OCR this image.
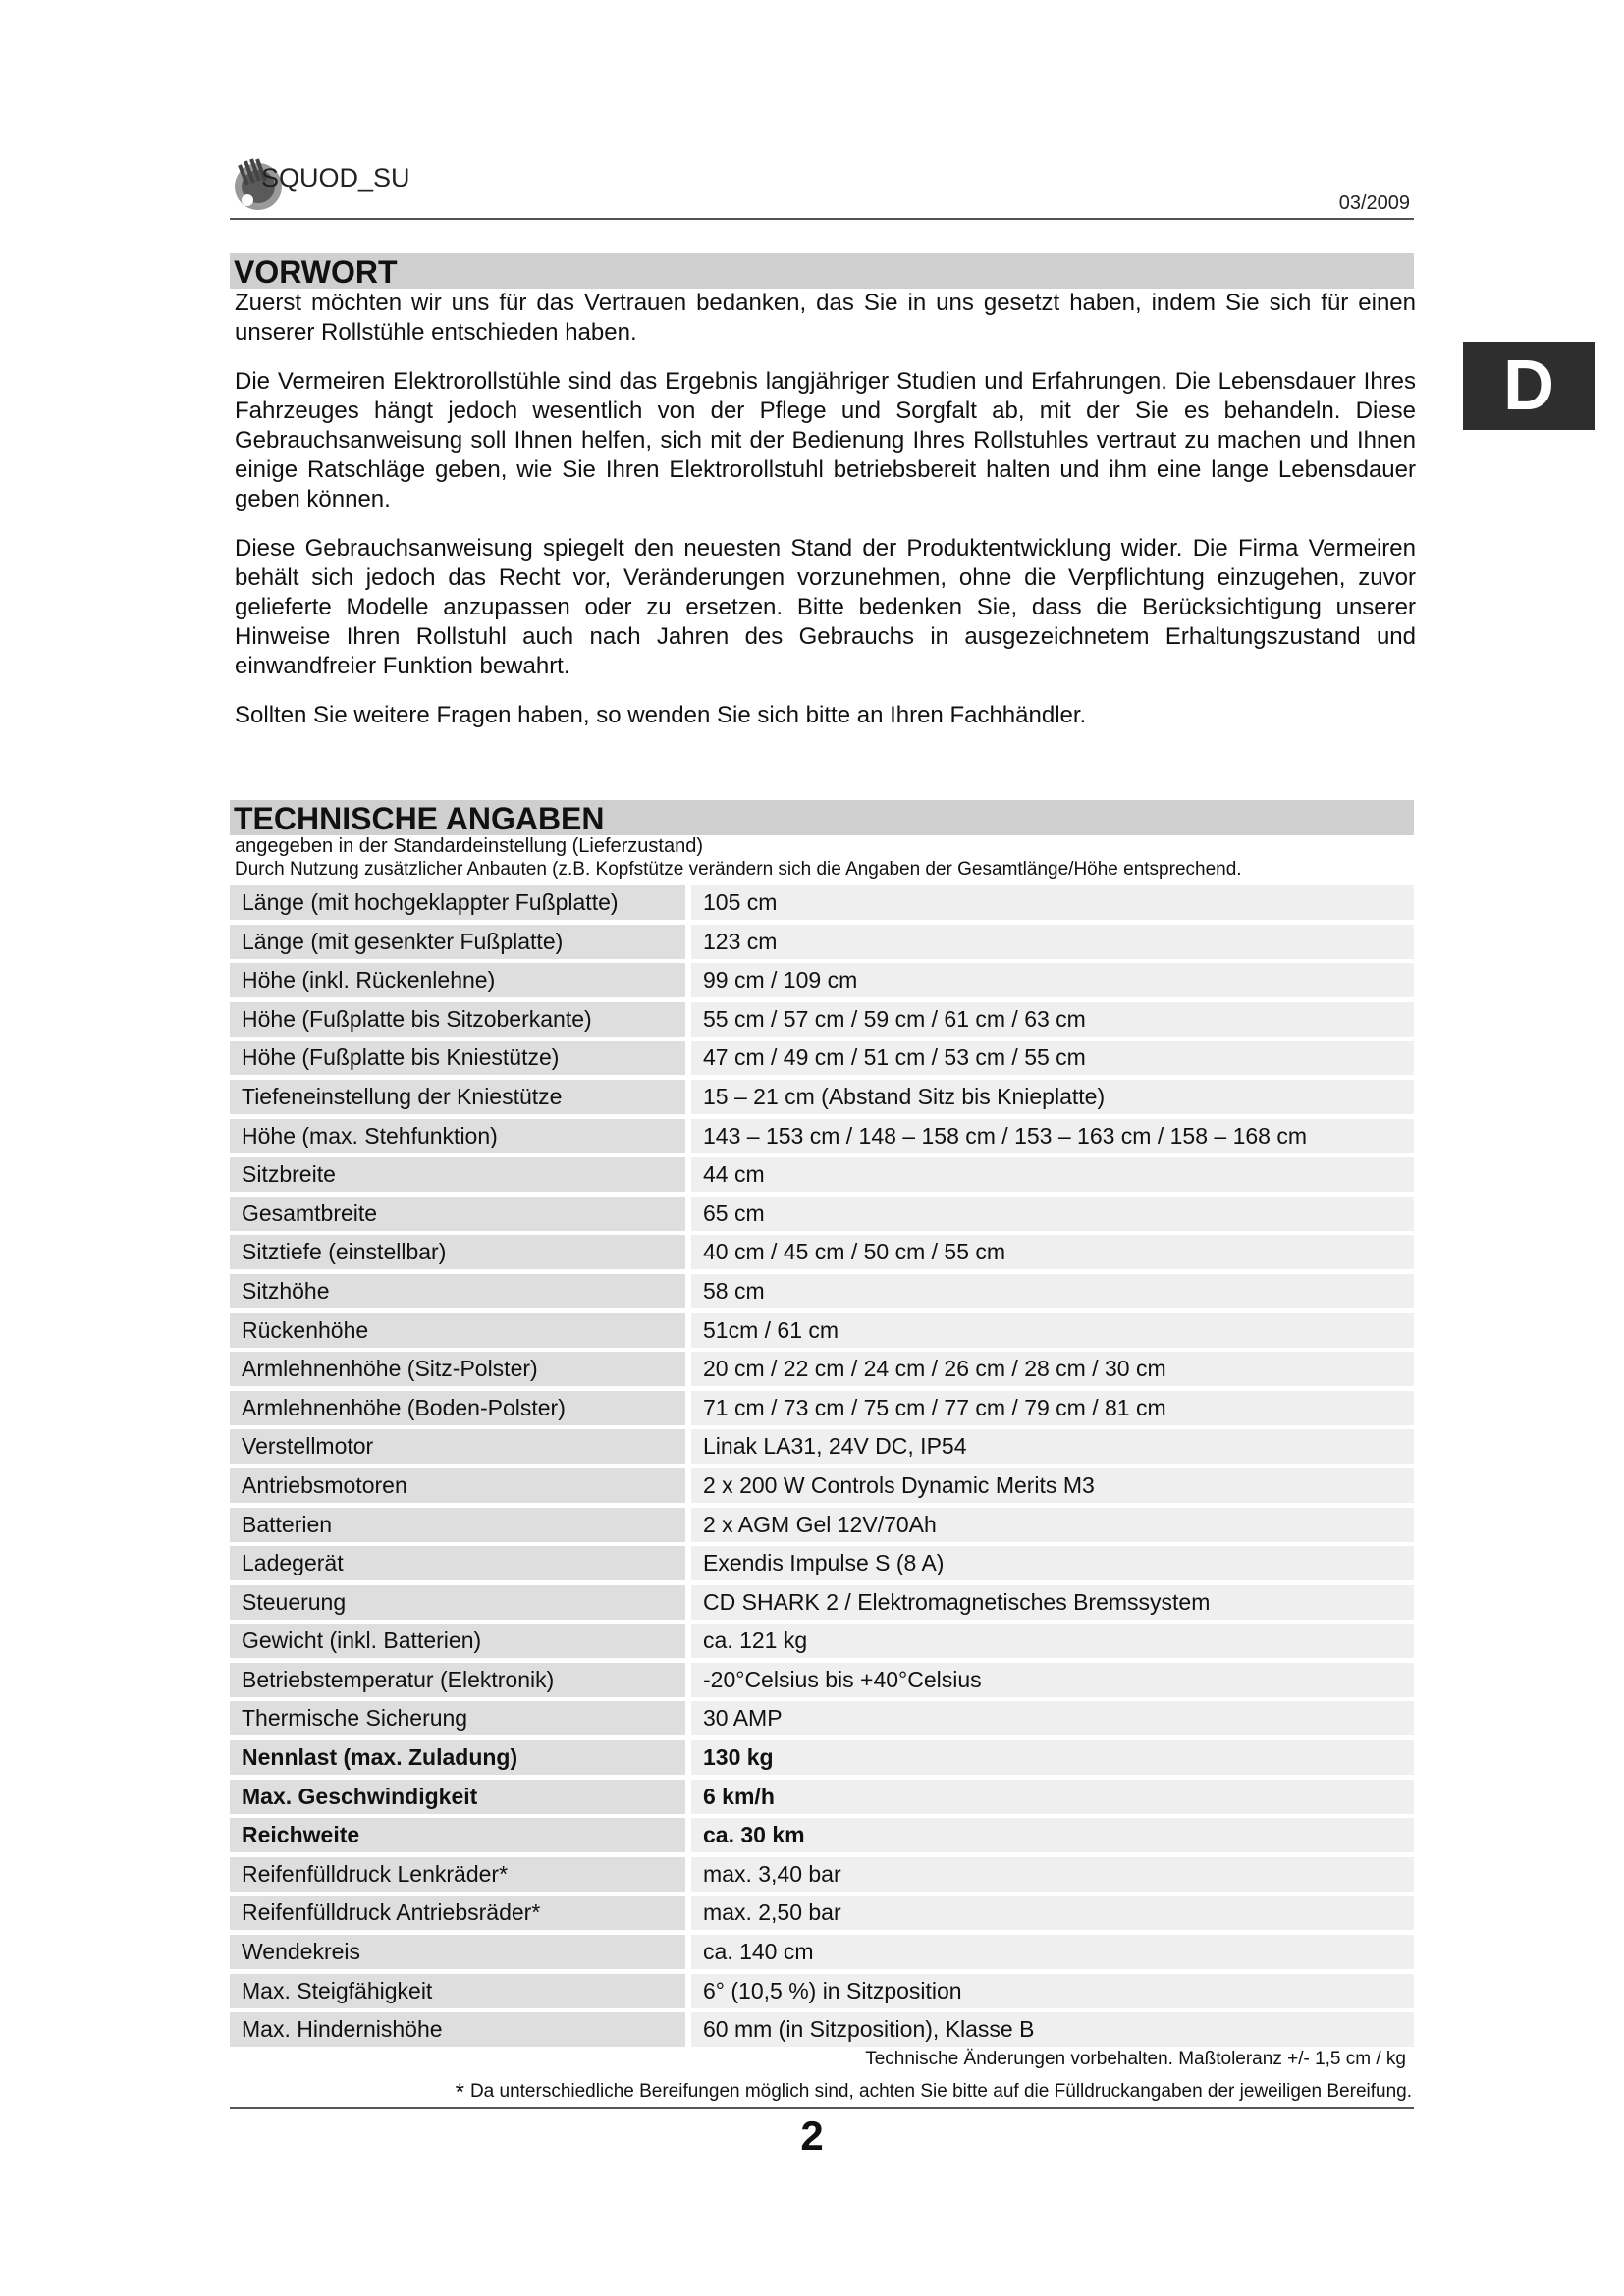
SQUOD_SU
03/2009
D
VORWORT

Zuerst möchten wir uns für das Vertrauen bedanken, das Sie in uns gesetzt haben, indem Sie sich für einen unserer Rollstühle entschieden haben.

Die Vermeiren Elektrorollstühle sind das Ergebnis langjähriger Studien und Erfahrungen. Die Lebensdauer Ihres Fahrzeuges hängt jedoch wesentlich von der Pflege und Sorgfalt ab, mit der Sie es behandeln. Diese Gebrauchsanweisung soll Ihnen helfen, sich mit der Bedienung Ihres Rollstuhles vertraut zu machen und Ihnen einige Ratschläge geben, wie Sie Ihren Elektrorollstuhl betriebsbereit halten und ihm eine lange Lebensdauer geben können.

Diese Gebrauchsanweisung spiegelt den neuesten Stand der Produktentwicklung wider. Die Firma Vermeiren behält sich jedoch das Recht vor, Veränderungen vorzunehmen, ohne die Verpflichtung einzugehen, zuvor gelieferte Modelle anzupassen oder zu ersetzen. Bitte bedenken Sie, dass die Berücksichtigung unserer Hinweise Ihren Rollstuhl auch nach Jahren des Gebrauchs in ausgezeichnetem Erhaltungszustand und einwandfreier Funktion bewahrt.

Sollten Sie weitere Fragen haben, so wenden Sie sich bitte an Ihren Fachhändler.

TECHNISCHE ANGABEN
angegeben in der Standardeinstellung (Lieferzustand)
Durch Nutzung zusätzlicher Anbauten (z.B. Kopfstütze verändern sich die Angaben der Gesamtlänge/Höhe entsprechend.
Länge (mit hochgeklappter Fußplatte)	105 cm
Länge (mit gesenkter Fußplatte)	123 cm
Höhe (inkl. Rückenlehne)	99 cm / 109 cm
Höhe (Fußplatte bis Sitzoberkante)	55 cm / 57 cm / 59 cm / 61 cm / 63 cm
Höhe (Fußplatte bis Kniestütze)	47 cm / 49 cm / 51 cm / 53 cm / 55 cm
Tiefeneinstellung der Kniestütze	15 – 21 cm (Abstand Sitz bis Knieplatte)
Höhe (max. Stehfunktion)	143 – 153 cm / 148 – 158 cm / 153 – 163 cm / 158 – 168 cm
Sitzbreite	44 cm
Gesamtbreite	65 cm
Sitztiefe (einstellbar)	40 cm / 45 cm / 50 cm / 55 cm
Sitzhöhe	58 cm
Rückenhöhe	51cm / 61 cm
Armlehnenhöhe (Sitz-Polster)	20 cm / 22 cm / 24 cm / 26 cm / 28 cm / 30 cm
Armlehnenhöhe (Boden-Polster)	71 cm / 73 cm / 75 cm / 77 cm / 79 cm / 81 cm
Verstellmotor	Linak LA31, 24V DC, IP54
Antriebsmotoren	2 x 200 W Controls Dynamic Merits M3
Batterien	2 x AGM Gel 12V/70Ah
Ladegerät	Exendis Impulse S (8 A)
Steuerung	CD SHARK 2 / Elektromagnetisches Bremssystem
Gewicht (inkl. Batterien)	ca. 121 kg
Betriebstemperatur (Elektronik)	-20°Celsius bis +40°Celsius
Thermische Sicherung	30 AMP
Nennlast (max. Zuladung)	130 kg
Max. Geschwindigkeit	6 km/h
Reichweite	ca. 30 km
Reifenfülldruck Lenkräder*	max. 3,40 bar
Reifenfülldruck Antriebsräder*	max. 2,50 bar
Wendekreis	ca. 140 cm
Max. Steigfähigkeit	6° (10,5 %) in Sitzposition
Max. Hindernishöhe	60 mm (in Sitzposition), Klasse B
Technische Änderungen vorbehalten. Maßtoleranz +/- 1,5 cm / kg
* Da unterschiedliche Bereifungen möglich sind, achten Sie bitte auf die Fülldruckangaben der jeweiligen Bereifung.
2
